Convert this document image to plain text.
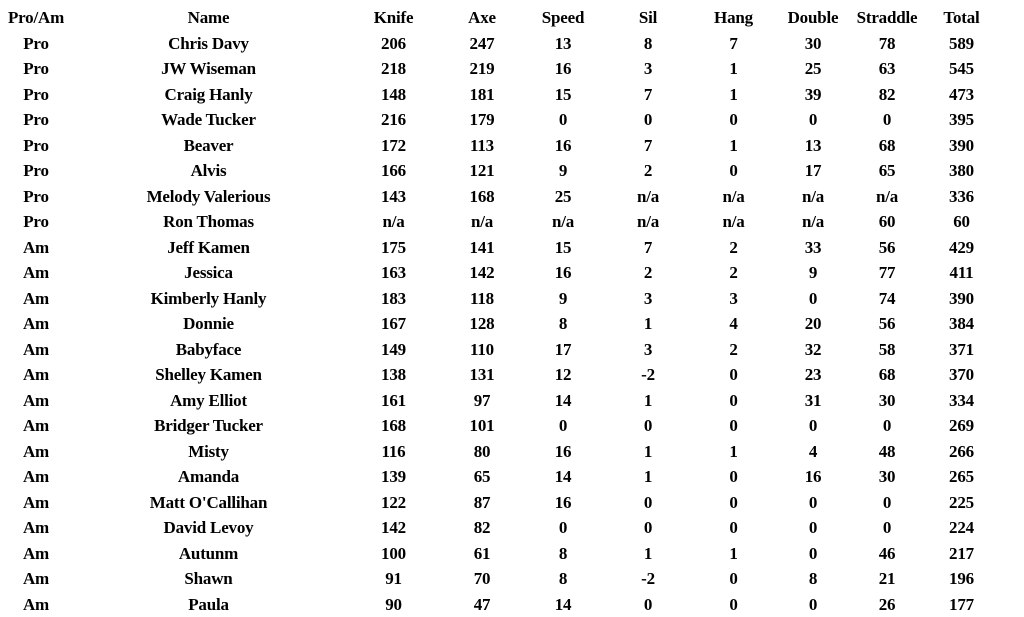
Pro/Am	Name	Knife	Axe	Speed	Sil	Hang	Double	Straddle	Total
Pro	Chris Davy	206	247	13	8	7	30	78	589
Pro	JW Wiseman	218	219	16	3	1	25	63	545
Pro	Craig Hanly	148	181	15	7	1	39	82	473
Pro	Wade Tucker	216	179	0	0	0	0	0	395
Pro	Beaver	172	113	16	7	1	13	68	390
Pro	Alvis	166	121	9	2	0	17	65	380
Pro	Melody Valerious	143	168	25	n/a	n/a	n/a	n/a	336
Pro	Ron Thomas	n/a	n/a	n/a	n/a	n/a	n/a	60	60
Am	Jeff Kamen	175	141	15	7	2	33	56	429
Am	Jessica	163	142	16	2	2	9	77	411
Am	Kimberly Hanly	183	118	9	3	3	0	74	390
Am	Donnie	167	128	8	1	4	20	56	384
Am	Babyface	149	110	17	3	2	32	58	371
Am	Shelley Kamen	138	131	12	-2	0	23	68	370
Am	Amy Elliot	161	97	14	1	0	31	30	334
Am	Bridger Tucker	168	101	0	0	0	0	0	269
Am	Misty	116	80	16	1	1	4	48	266
Am	Amanda	139	65	14	1	0	16	30	265
Am	Matt O'Callihan	122	87	16	0	0	0	0	225
Am	David Levoy	142	82	0	0	0	0	0	224
Am	Autunm	100	61	8	1	1	0	46	217
Am	Shawn	91	70	8	-2	0	8	21	196
Am	Paula	90	47	14	0	0	0	26	177
